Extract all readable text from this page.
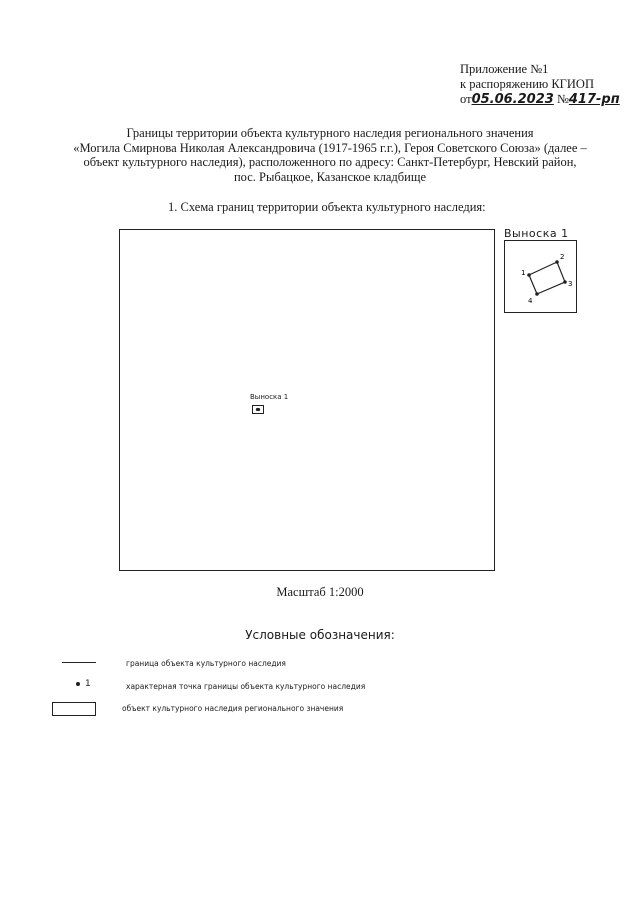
Приложение №1
к распоряжению КГИОП
от05.06.2023 №417-рп
Границы территории объекта культурного наследия регионального значения
«Могила Смирнова Николая Александровича (1917-1965 г.г.), Героя Советского Союза» (далее –
объект культурного наследия), расположенного по адресу: Санкт-Петербург, Невский район,
пос. Рыбацкое, Казанское кладбище
1. Схема границ территории объекта культурного наследия:
Выноска 1
Выноска 1
1
2
3
4
Масштаб 1:2000
Условные обозначения:
граница объекта культурного наследия
1	характерная точка границы объекта культурного наследия
объект культурного наследия регионального значения
